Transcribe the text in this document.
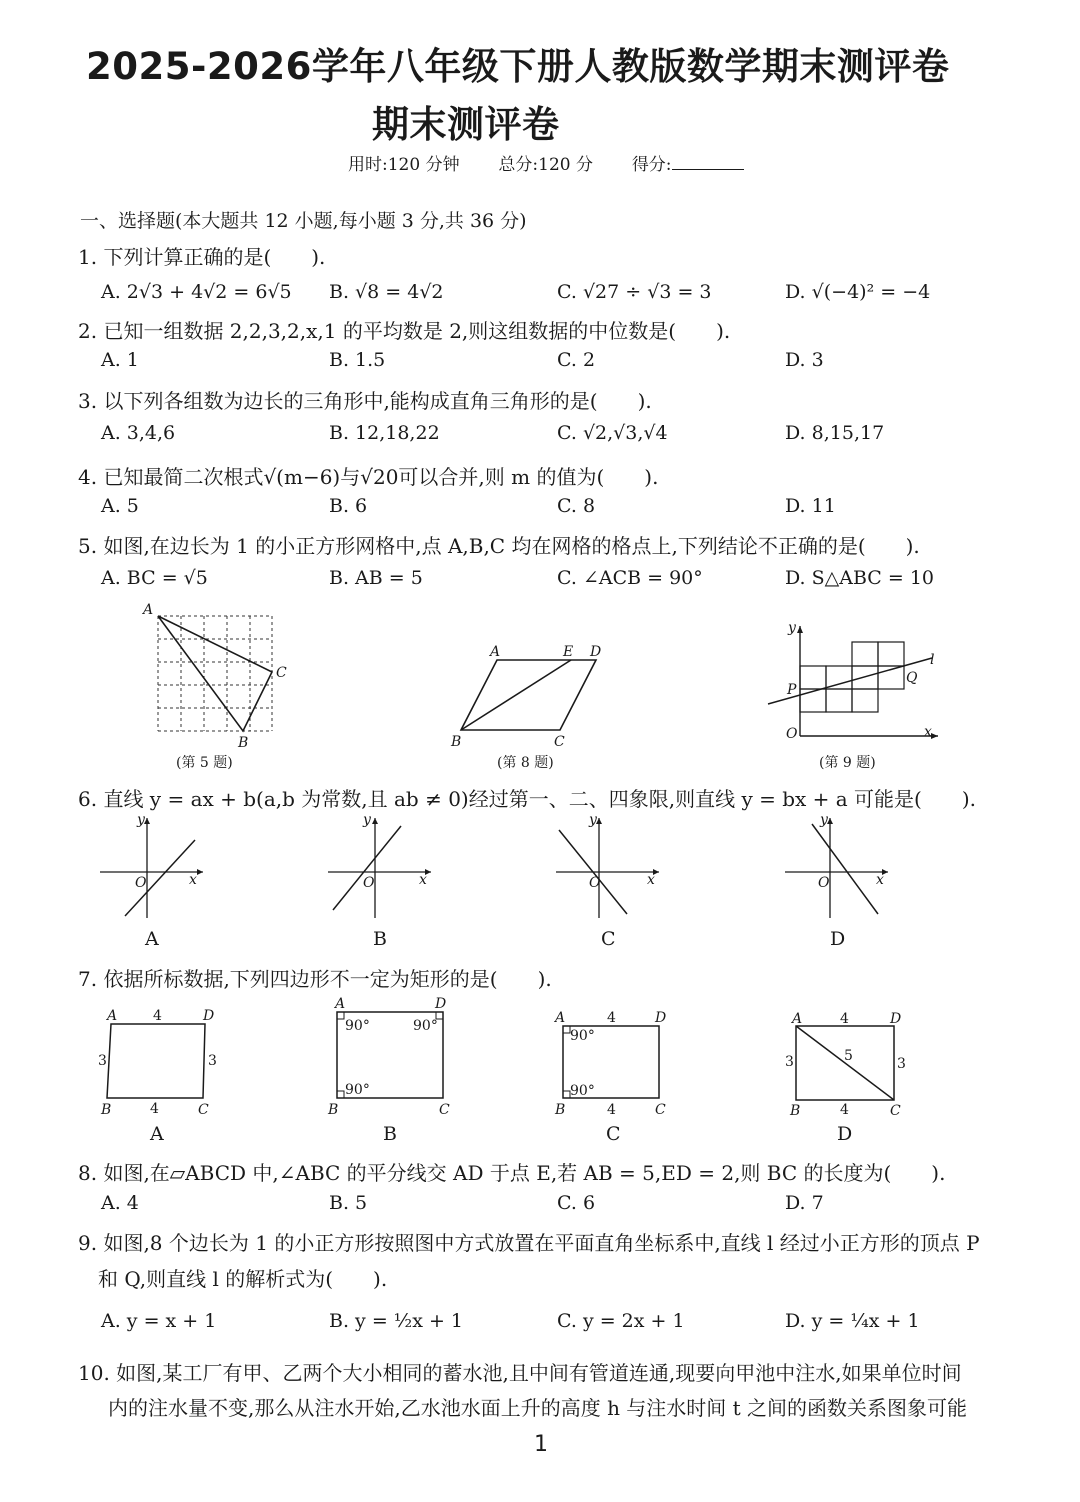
2025-2026学年八年级下册人教版数学期末测评卷
期末测评卷
用时:120 分钟 总分:120 分 得分:
一、选择题(本大题共 12 小题,每小题 3 分,共 36 分)
1. 下列计算正确的是(　　).
A. 2√3 + 4√2 = 6√5 B. √8 = 4√2	C. √27 ÷ √3 = 3	D. √(−4)² = −4
2. 已知一组数据 2,2,3,2,x,1 的平均数是 2,则这组数据的中位数是(　　).
A. 1	B. 1.5	C. 2	D. 3
3. 以下列各组数为边长的三角形中,能构成直角三角形的是(　　).
A. 3,4,6	B. 12,18,22	C. √2,√3,√4	D. 8,15,17
4. 已知最简二次根式√(m−6)与√20可以合并,则 m 的值为(　　).
A. 5	B. 6	C. 8	D. 11
5. 如图,在边长为 1 的小正方形网格中,点 A,B,C 均在网格的格点上,下列结论不正确的是(　　).
A. BC = √5	B. AB = 5	C. ∠ACB = 90°	D. S△ABC = 10
A
C
B
(第 5 题)
A	E D
B	C
(第 8 题)
y
x
O
P
Q
l
(第 9 题)
6. 直线 y = ax + b(a,b 为常数,且 ab ≠ 0)经过第一、二、四象限,则直线 y = bx + a 可能是(　　).
y
x
O
A
y
x
O
B
y
x
O
C
y
x
O
D
7. 依据所标数据,下列四边形不一定为矩形的是(　　).
A	D
B	C
4
4
3	3
A
A	D
B	C
90°	90°
90°
B
A	D
B	C
4
4
90°
90°
C
A	D
B	C
4
4
3	3
5
D
8. 如图,在▱ABCD 中,∠ABC 的平分线交 AD 于点 E,若 AB = 5,ED = 2,则 BC 的长度为(　　).
A. 4	B. 5	C. 6	D. 7
9. 如图,8 个边长为 1 的小正方形按照图中方式放置在平面直角坐标系中,直线 l 经过小正方形的顶点 P
和 Q,则直线 l 的解析式为(　　).
A. y = x + 1	B. y = ½x + 1	C. y = 2x + 1	D. y = ¼x + 1
10. 如图,某工厂有甲、乙两个大小相同的蓄水池,且中间有管道连通,现要向甲池中注水,如果单位时间
内的注水量不变,那么从注水开始,乙水池水面上升的高度 h 与注水时间 t 之间的函数关系图象可能
1
